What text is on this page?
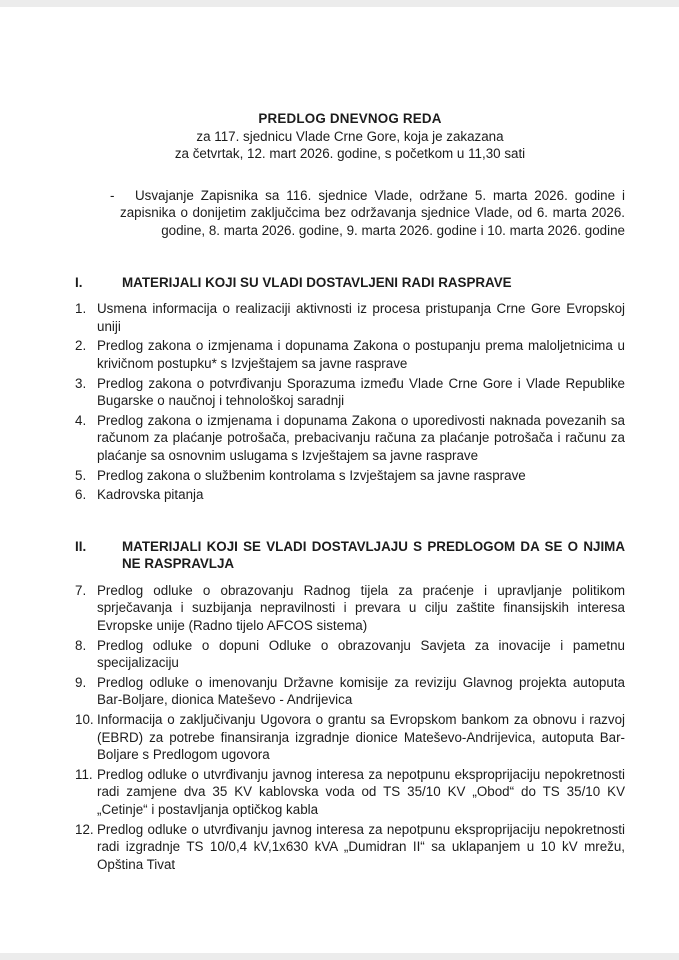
PREDLOG DNEVNOG REDA
za 117. sjednicu Vlade Crne Gore, koja je zakazana
za četvrtak, 12. mart 2026. godine, s početkom u 11,30 sati
- Usvajanje Zapisnika sa 116. sjednice Vlade, održane 5. marta 2026. godine i zapisnika o donijetim zaključcima bez održavanja sjednice Vlade, od 6. marta 2026. godine, 8. marta 2026. godine, 9. marta 2026. godine i 10. marta 2026. godine
I.	MATERIJALI KOJI SU VLADI DOSTAVLJENI RADI RASPRAVE
1. Usmena informacija o realizaciji aktivnosti iz procesa pristupanja Crne Gore Evropskoj uniji
2. Predlog zakona o izmjenama i dopunama Zakona o postupanju prema maloljetnicima u krivičnom postupku* s Izvještajem sa javne rasprave
3. Predlog zakona o potvrđivanju Sporazuma između Vlade Crne Gore i Vlade Republike Bugarske o naučnoj i tehnološkoj saradnji
4. Predlog zakona o izmjenama i dopunama Zakona o uporedivosti naknada povezanih sa računom za plaćanje potrošača, prebacivanju računa za plaćanje potrošača i računu za plaćanje sa osnovnim uslugama s Izvještajem sa javne rasprave
5. Predlog zakona o službenim kontrolama s Izvještajem sa javne rasprave
6. Kadrovska pitanja
II.	MATERIJALI KOJI SE VLADI DOSTAVLJAJU S PREDLOGOM DA SE O NJIMA NE RASPRAVLJA
7. Predlog odluke o obrazovanju Radnog tijela za praćenje i upravljanje politikom sprječavanja i suzbijanja nepravilnosti i prevara u cilju zaštite finansijskih interesa Evropske unije (Radno tijelo AFCOS sistema)
8. Predlog odluke o dopuni Odluke o obrazovanju Savjeta za inovacije i pametnu specijalizaciju
9. Predlog odluke o imenovanju Državne komisije za reviziju Glavnog projekta autoputa Bar-Boljare, dionica Mateševo - Andrijevica
10. Informacija o zaključivanju Ugovora o grantu sa Evropskom bankom za obnovu i razvoj (EBRD) za potrebe finansiranja izgradnje dionice Mateševo-Andrijevica, autoputa Bar-Boljare s Predlogom ugovora
11. Predlog odluke o utvrđivanju javnog interesa za nepotpunu eksproprijaciju nepokretnosti radi zamjene dva 35 KV kablovska voda od TS 35/10 KV „Obod“ do TS 35/10 KV „Cetinje“ i postavljanja optičkog kabla
12. Predlog odluke o utvrđivanju javnog interesa za nepotpunu eksproprijaciju nepokretnosti radi izgradnje TS 10/0,4 kV,1x630 kVA „Dumidran II“ sa uklapanjem u 10 kV mrežu, Opština Tivat
